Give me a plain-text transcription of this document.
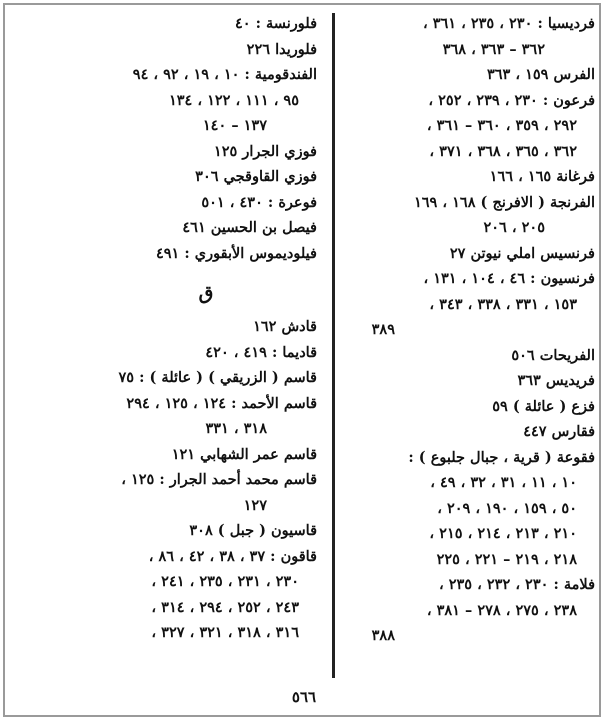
فرديسيا : ٢٣٠ ، ٢٣٥ ، ٣٦١ ،
٣٦٢ – ٣٦٣ ، ٣٦٨
الفرس ١٥٩ ، ٣٦٣
فرعون : ٢٣٠ ، ٢٣٩ ، ٢٥٢ ،
٢٩٢ ، ٣٥٩ ، ٣٦٠ – ٣٦١ ،
٣٦٢ ، ٣٦٥ ، ٣٦٨ ، ٣٧١ ،
فرغانة ١٦٥ ، ١٦٦
الفرنجة ( الافرنج ) ١٦٨ ، ١٦٩
٢٠٥ ، ٢٠٦
فرنسيس املي نيوتن ٢٧
فرنسيون : ٤٦ ، ١٠٤ ، ١٣١ ،
١٥٣ ، ٣٣١ ، ٣٣٨ ، ٣٤٣ ،
٣٨٩
الفريحات ٥٠٦
فريديس ٣٦٣
فزع ( عائلة ) ٥٩
فقارس ٤٤٧
فقوعة ( قرية ، جبال جلبوع ) :
١٠ ، ١١ ، ٣١ ، ٣٢ ، ٤٩ ،
٥٠ ، ١٥٩ ، ١٩٠ ، ٢٠٩ ،
٢١٠ ، ٢١٣ ، ٢١٤ ، ٢١٥ ،
٢١٨ ، ٢١٩ – ٢٢١ ، ٢٢٥
فلامة : ٢٣٠ ، ٢٣٢ ، ٢٣٥ ،
٢٣٨ ، ٢٧٥ ، ٢٧٨ – ٣٨١ ،
٣٨٨
فلورنسة : ٤٠
فلوريدا ٢٢٦
الفندقومية : ١٠ ، ١٩ ، ٩٢ ، ٩٤
٩٥ ، ١١١ ، ١٢٢ ، ١٣٤
١٣٧ – ١٤٠
فوزي الجرار ١٢٥
فوزي القاوقجي ٣٠٦
فوعرة : ٤٣٠ ، ٥٠١
فيصل بن الحسين ٤٦١
فيلوديموس الأبقوري : ٤٩١
ق
قادش ١٦٢
قاديما : ٤١٩ ، ٤٢٠
قاسم ( الزريقي ) ( عائلة ) : ٧٥
قاسم الأحمد : ١٢٤ ، ١٢٥ ، ٢٩٤
٣١٨ ، ٣٣١
قاسم عمر الشهابي ١٢١
قاسم محمد أحمد الجرار : ١٢٥ ،
١٢٧
قاسيون ( جبل ) ٣٠٨
قاقون : ٣٧ ، ٣٨ ، ٤٢ ، ٨٦ ،
٢٣٠ ، ٢٣١ ، ٢٣٥ ، ٢٤١ ،
٢٤٣ ، ٢٥٢ ، ٢٩٤ ، ٣١٤ ،
٣١٦ ، ٣١٨ ، ٣٢١ ، ٣٢٧ ،
٥٦٦
